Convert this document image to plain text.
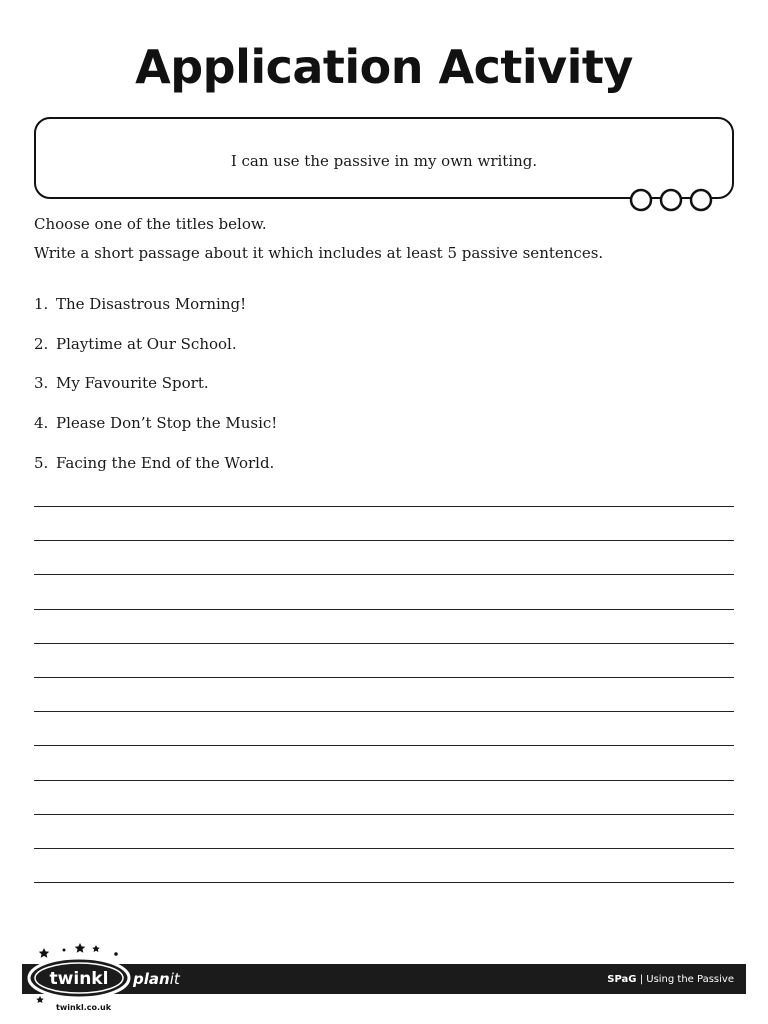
Application Activity
I can use the passive in my own writing.
Choose one of the titles below.
Write a short passage about it which includes at least 5 passive sentences.
1. The Disastrous Morning!
2. Playtime at Our School.
3. My Favourite Sport.
4. Please Don’t Stop the Music!
5. Facing the End of the World.
twinkl
twinkl.co.uk
planit	SPaG | Using the Passive
